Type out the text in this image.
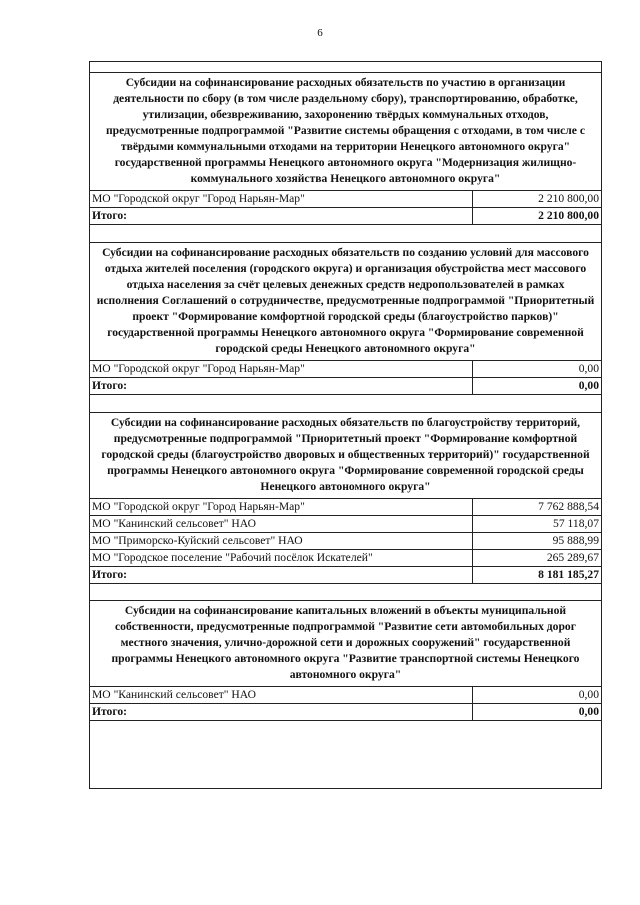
6
Субсидии на софинансирование расходных обязательств по участию в организации деятельности по сбору (в том числе раздельному сбору), транспортированию, обработке, утилизации, обезвреживанию, захоронению твёрдых коммунальных отходов, предусмотренные подпрограммой "Развитие системы обращения с отходами, в том числе с твёрдыми коммунальными отходами на территории Ненецкого автономного округа" государственной программы Ненецкого автономного округа "Модернизация жилищно-коммунального хозяйства Ненецкого автономного округа"
МО "Городской округ "Город Нарьян-Мар"	2 210 800,00
Итого:	2 210 800,00
Субсидии на софинансирование расходных обязательств по созданию условий для массового отдыха жителей поселения (городского округа) и организация обустройства мест массового отдыха населения за счёт целевых денежных средств недропользователей в рамках исполнения Соглашений о сотрудничестве, предусмотренные подпрограммой "Приоритетный проект "Формирование комфортной городской среды (благоустройство парков)" государственной программы Ненецкого автономного округа "Формирование современной городской среды Ненецкого автономного округа"
МО "Городской округ "Город Нарьян-Мар"	0,00
Итого:	0,00
Субсидии на софинансирование расходных обязательств по благоустройству территорий, предусмотренные подпрограммой "Приоритетный проект "Формирование комфортной городской среды (благоустройство дворовых и общественных территорий)" государственной программы Ненецкого автономного округа "Формирование современной городской среды Ненецкого автономного округа"
МО "Городской округ "Город Нарьян-Мар"	7 762 888,54
МО "Канинский сельсовет" НАО	57 118,07
МО "Приморско-Куйский сельсовет" НАО	95 888,99
МО "Городское поселение "Рабочий посёлок Искателей"	265 289,67
Итого:	8 181 185,27
Субсидии на софинансирование капитальных вложений в объекты муниципальной собственности, предусмотренные подпрограммой "Развитие сети автомобильных дорог местного значения, улично-дорожной сети и дорожных сооружений" государственной программы Ненецкого автономного округа "Развитие транспортной системы Ненецкого автономного округа"
МО "Канинский сельсовет" НАО	0,00
Итого:	0,00
